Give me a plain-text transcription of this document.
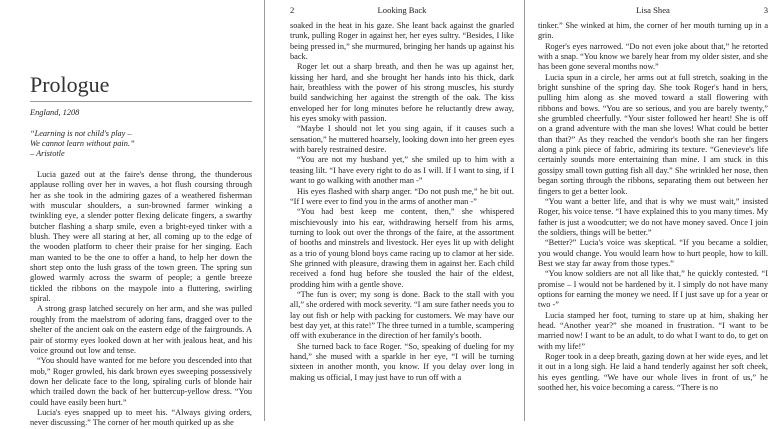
Prologue
England, 1208
“Learning is not child's play –
We cannot learn without pain.”
– Aristotle

Lucia gazed out at the faire's dense throng, the thunderous applause rolling over her in waves, a hot flush coursing through her as she took in the admiring gazes of a weathered fisherman with muscular shoulders, a sun-browned farmer winking a twinkling eye, a slender potter flexing delicate fingers, a swarthy butcher flashing a sharp smile, even a bright-eyed tinker with a blush. They were all staring at her, all coming up to the edge of the wooden platform to cheer their praise for her singing. Each man wanted to be the one to offer a hand, to help her down the short step onto the lush grass of the town green. The spring sun glowed warmly across the swarm of people; a gentle breeze tickled the ribbons on the maypole into a fluttering, swirling spiral.

A strong grasp latched securely on her arm, and she was pulled roughly from the maelstrom of adoring fans, dragged over to the shelter of the ancient oak on the eastern edge of the fairgrounds. A pair of stormy eyes looked down at her with jealous heat, and his voice ground out low and tense.

“You should have wanted for me before you descended into that mob,” Roger growled, his dark brown eyes sweeping possessively down her delicate face to the long, spiraling curls of blonde hair which trailed down the back of her buttercup-yellow dress. “You could have easily been hurt.”

Lucia's eyes snapped up to meet his. “Always giving orders, never discussing.” The corner of her mouth quirked up as she

Looking Back
2

soaked in the heat in his gaze. She leant back against the gnarled trunk, pulling Roger in against her, her eyes sultry. “Besides, I like being pressed in,” she murmured, bringing her hands up against his back.

Roger let out a sharp breath, and then he was up against her, kissing her hard, and she brought her hands into his thick, dark hair, breathless with the power of his strong muscles, his sturdy build sandwiching her against the strength of the oak. The kiss enveloped her for long minutes before he reluctantly drew away, his eyes smoky with passion.

“Maybe I should not let you sing again, if it causes such a sensation,” he muttered hoarsely, looking down into her green eyes with barely restrained desire.

“You are not my husband yet,” she smiled up to him with a teasing lilt. “I have every right to do as I will. If I want to sing, if I want to go walking with another man -”

His eyes flashed with sharp anger. “Do not push me,” he bit out. “If I were ever to find you in the arms of another man -”

“You had best keep me content, then,” she whispered mischievously into his ear, withdrawing herself from his arms, turning to look out over the throngs of the faire, at the assortment of booths and minstrels and livestock. Her eyes lit up with delight as a trio of young blond boys came racing up to clamor at her side. She grinned with pleasure, drawing them in against her. Each child received a fond hug before she tousled the hair of the eldest, prodding him with a gentle shove.

“The fun is over; my song is done. Back to the stall with you all,” she ordered with mock severity. “I am sure father needs you to lay out fish or help with packing for customers. We may have our best day yet, at this rate!” The three turned in a tumble, scampering off with exuberance in the direction of her family's booth.

She turned back to face Roger. “So, speaking of dueling for my hand,” she mused with a sparkle in her eye, “I will be turning sixteen in another month, you know. If you delay over long in making us official, I may just have to run off with a

Lisa Shea	3

tinker.” She winked at him, the corner of her mouth turning up in a grin.

Roger's eyes narrowed. “Do not even joke about that,” he retorted with a snap. “You know we barely hear from my older sister, and she has been gone several months now.”

Lucia spun in a circle, her arms out at full stretch, soaking in the bright sunshine of the spring day. She took Roger's hand in hers, pulling him along as she moved toward a stall flowering with ribbons and bows. “You are so serious, and you are barely twenty,” she grumbled cheerfully. “Your sister followed her heart! She is off on a grand adventure with the man she loves! What could be better than that?” As they reached the vendor's booth she ran her fingers along a pink piece of fabric, admiring its texture. “Genevieve's life certainly sounds more entertaining than mine. I am stuck in this gossipy small town gutting fish all day.” She wrinkled her nose, then began sorting through the ribbons, separating them out between her fingers to get a better look.

“You want a better life, and that is why we must wait,” insisted Roger, his voice tense. “I have explained this to you many times. My father is just a woodcutter; we do not have money saved. Once I join the soldiers, things will be better.”

“Better?” Lucia's voice was skeptical. “If you became a soldier, you would change. You would learn how to hurt people, how to kill. Best we stay far away from those types.”

“You know soldiers are not all like that,” he quickly contested. “I promise – I would not be hardened by it. I simply do not have many options for earning the money we need. If I just save up for a year or two -”

Lucia stamped her foot, turning to stare up at him, shaking her head. “Another year?” she moaned in frustration. “I want to be married now! I want to be an adult, to do what I want to do, to get on with my life!”

Roger took in a deep breath, gazing down at her wide eyes, and let it out in a long sigh. He laid a hand tenderly against her soft cheek, his eyes gentling. “We have our whole lives in front of us,” he soothed her, his voice becoming a caress. “There is no
